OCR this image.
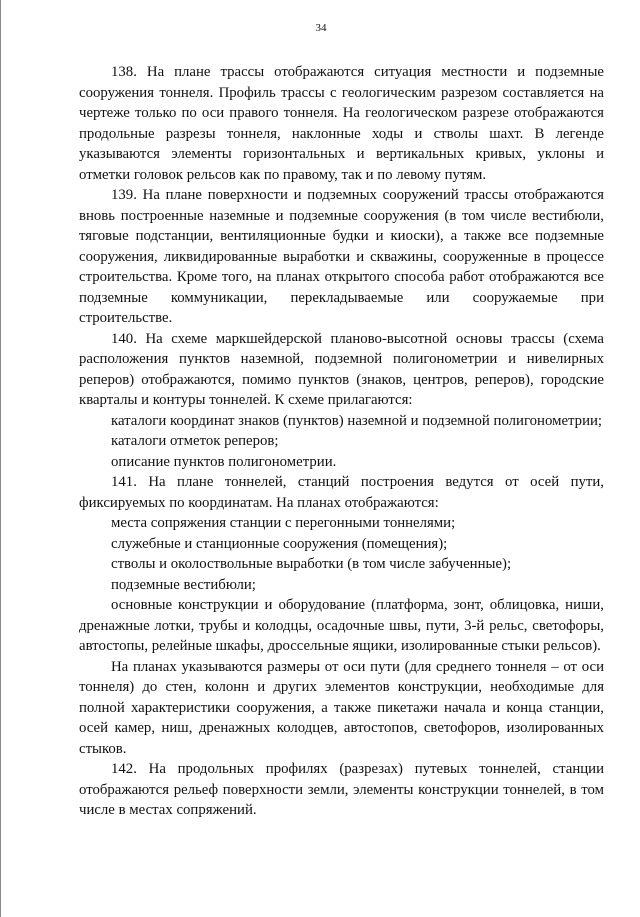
34

138. На плане трассы отображаются ситуация местности и подземные сооружения тоннеля. Профиль трассы с геологическим разрезом составляется на чертеже только по оси правого тоннеля. На геологическом разрезе отображаются продольные разрезы тоннеля, наклонные ходы и стволы шахт. В легенде указываются элементы горизонтальных и вертикальных кривых, уклоны и отметки головок рельсов как по правому, так и по левому путям.

139. На плане поверхности и подземных сооружений трассы отображаются вновь построенные наземные и подземные сооружения (в том числе вестибюли, тяговые подстанции, вентиляционные будки и киоски), а также все подземные сооружения, ликвидированные выработки и скважины, сооруженные в процессе строительства. Кроме того, на планах открытого способа работ отображаются все подземные коммуникации, перекладываемые или сооружаемые при строительстве.

140. На схеме маркшейдерской планово-высотной основы трассы (схема расположения пунктов наземной, подземной полигонометрии и нивелирных реперов) отображаются, помимо пунктов (знаков, центров, реперов), городские кварталы и контуры тоннелей. К схеме прилагаются:

каталоги координат знаков (пунктов) наземной и подземной полигонометрии;

каталоги отметок реперов;

описание пунктов полигонометрии.

141. На плане тоннелей, станций построения ведутся от осей пути, фиксируемых по координатам. На планах отображаются:

места сопряжения станции с перегонными тоннелями;

служебные и станционные сооружения (помещения);

стволы и околоствольные выработки (в том числе забученные);

подземные вестибюли;

основные конструкции и оборудование (платформа, зонт, облицовка, ниши, дренажные лотки, трубы и колодцы, осадочные швы, пути, 3-й рельс, светофоры, автостопы, релейные шкафы, дроссельные ящики, изолированные стыки рельсов).

На планах указываются размеры от оси пути (для среднего тоннеля – от оси тоннеля) до стен, колонн и других элементов конструкции, необходимые для полной характеристики сооружения, а также пикетажи начала и конца станции, осей камер, ниш, дренажных колодцев, автостопов, светофоров, изолированных стыков.

142. На продольных профилях (разрезах) путевых тоннелей, станции отображаются рельеф поверхности земли, элементы конструкции тоннелей, в том числе в местах сопряжений.
